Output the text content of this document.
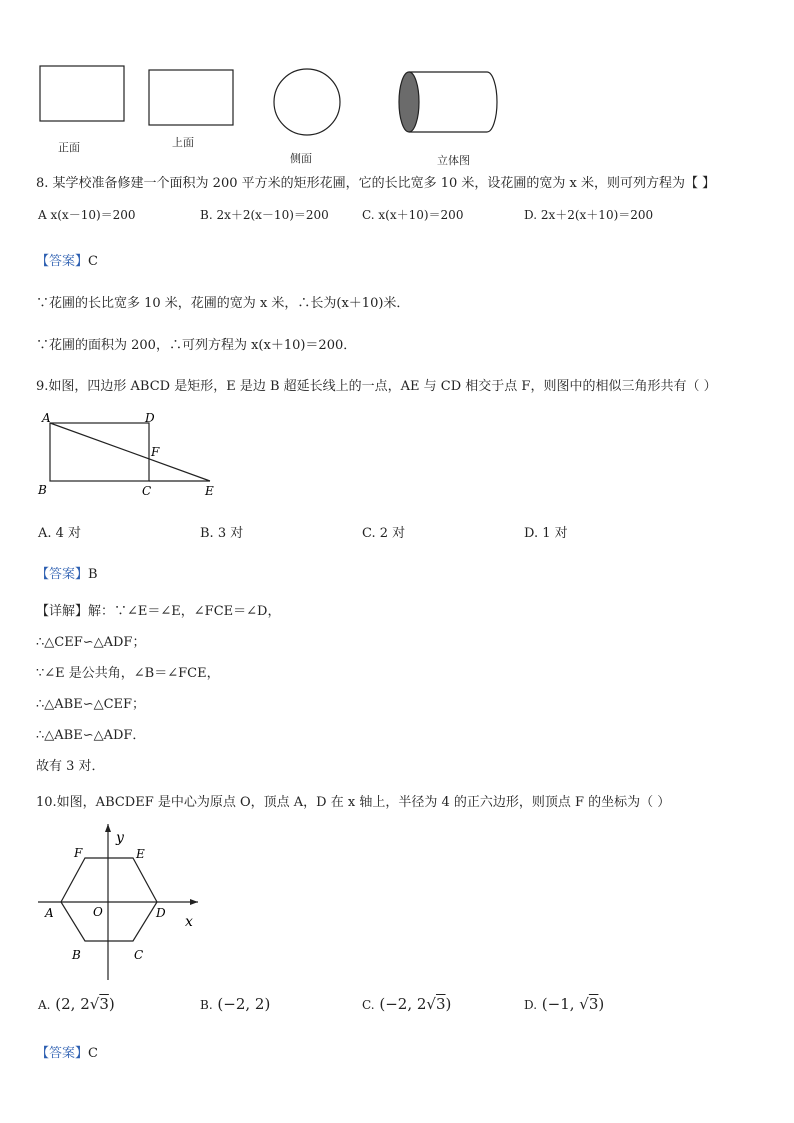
正面	上面
侧面	立体图
8. 某学校准备修建一个面积为 200 平方米的矩形花圃，它的长比宽多 10 米，设花圃的宽为 x 米，则可列方程为【 】
A x(x－10)＝200	B. 2x＋2(x－10)＝200	C. x(x＋10)＝200	D. 2x＋2(x＋10)＝200
【答案】C
∵花圃的长比宽多 10 米，花圃的宽为 x 米，∴长为(x＋10)米．
∵花圃的面积为 200，∴可列方程为 x(x＋10)＝200．
9.如图，四边形 ABCD 是矩形，E 是边 B 超延长线上的一点，AE 与 CD 相交于点 F，则图中的相似三角形共有（ ）
A	D
F
B	C	E
A. 4 对	B. 3 对	C. 2 对	D. 1 对
【答案】B
【详解】解：∵∠E＝∠E，∠FCE＝∠D，
∴△CEF∽△ADF；
∵∠E 是公共角，∠B＝∠FCE，
∴△ABE∽△CEF；
∴△ABE∽△ADF．
故有 3 对．
10.如图，ABCDEF 是中心为原点 O，顶点 A，D 在 x 轴上，半径为 4 的正六边形，则顶点 F 的坐标为（ ）
y
x
F	E
A	O	D
B	C
A. (2, 2√3)	B. (−2, 2)	C. (−2, 2√3)	D. (−1, √3)
【答案】C
